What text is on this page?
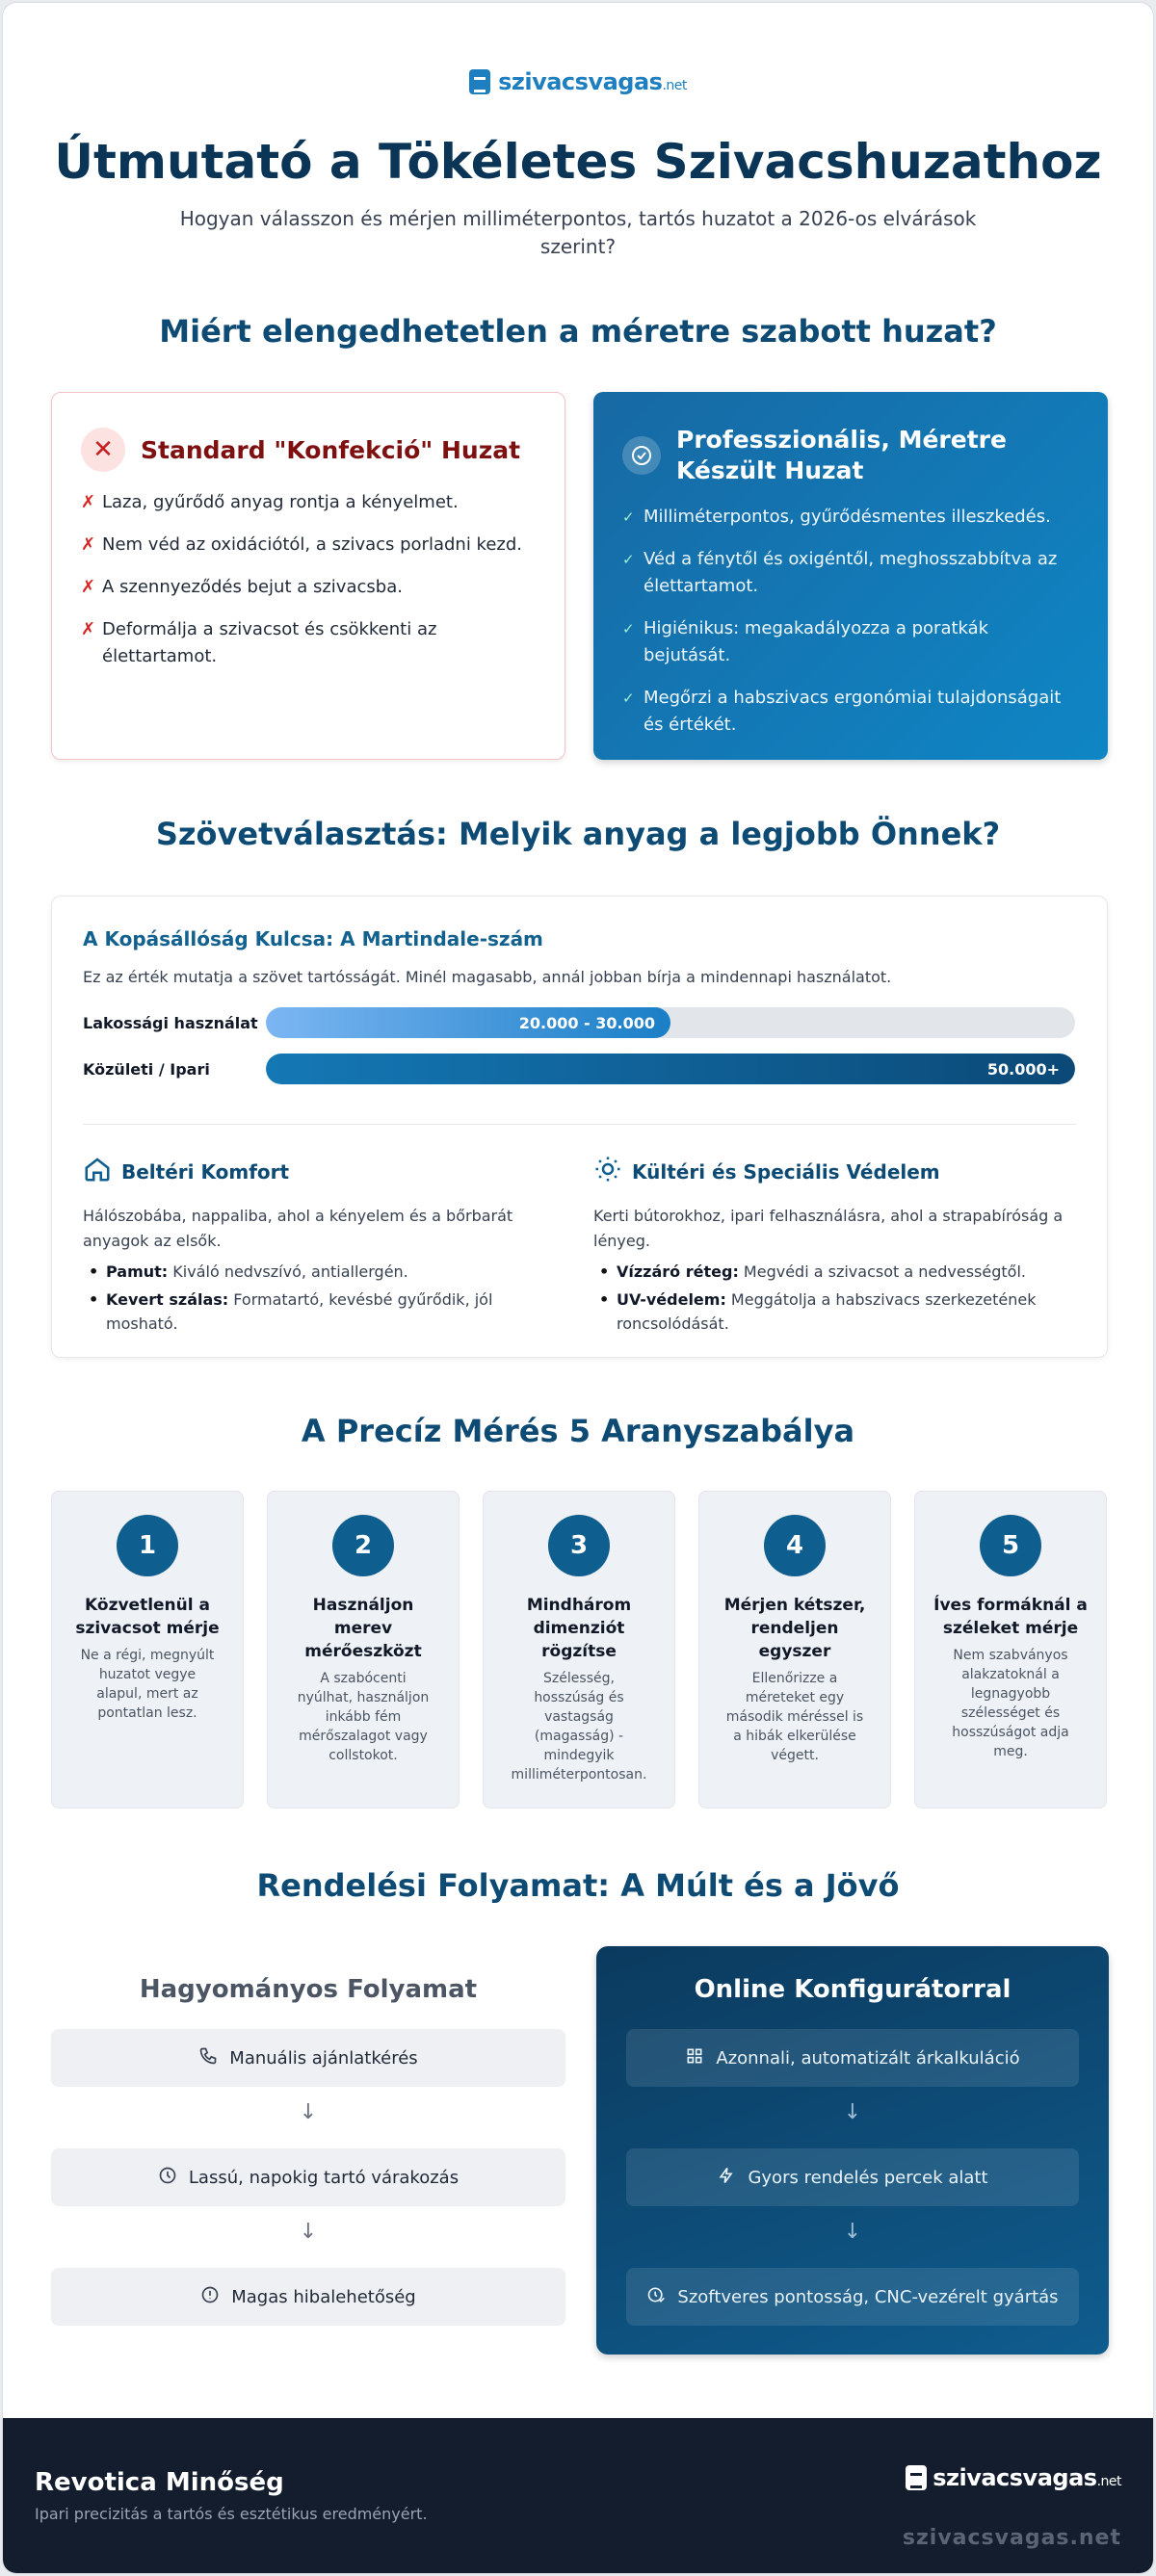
szivacsvagas.net
Útmutató a Tökéletes Szivacshuzathoz

Hogyan válasszon és mérjen milliméterpontos, tartós huzatot a 2026-os elvárások szerint?

Miért elengedhetetlen a méretre szabott huzat?
✕	Standard "Konfekció" Huzat
✗ Laza, gyűrődő anyag rontja a kényelmet.
✗ Nem véd az oxidációtól, a szivacs porladni kezd.
✗ A szennyeződés bejut a szivacsba.
✗ Deformálja a szivacsot és csökkenti az élettartamot.
Professzionális, Méretre Készült Huzat
✓ Milliméterpontos, gyűrődésmentes illeszkedés.
✓ Véd a fénytől és oxigéntől, meghosszabbítva az élettartamot.
✓ Higiénikus: megakadályozza a poratkák bejutását.
✓ Megőrzi a habszivacs ergonómiai tulajdonságait és értékét.
Szövetválasztás: Melyik anyag a legjobb Önnek?
A Kopásállóság Kulcsa: A Martindale-szám
Ez az érték mutatja a szövet tartósságát. Minél magasabb, annál jobban bírja a mindennapi használatot.
Lakossági használat	20.000 - 30.000
Közületi / Ipari	50.000+
Beltéri Komfort
Hálószobába, nappaliba, ahol a kényelem és a bőrbarát anyagok az elsők.
• Pamut: Kiváló nedvszívó, antiallergén.
• Kevert szálas: Formatartó, kevésbé gyűrődik, jól mosható.
Kültéri és Speciális Védelem
Kerti bútorokhoz, ipari felhasználásra, ahol a strapabíróság a lényeg.
• Vízzáró réteg: Megvédi a szivacsot a nedvességtől.
• UV-védelem: Meggátolja a habszivacs szerkezetének roncsolódását.
A Precíz Mérés 5 Aranyszabálya
1
Közvetlenül a szivacsot mérje
Ne a régi, megnyúlt huzatot vegye alapul, mert az pontatlan lesz.
2
Használjon merev mérőeszközt
A szabócenti nyúlhat, használjon inkább fém mérőszalagot vagy collstokot.
3
Mindhárom dimenziót rögzítse
Szélesség, hosszúság és vastagság (magasság) - mindegyik milliméterpontosan.
4
Mérjen kétszer, rendeljen egyszer
Ellenőrizze a méreteket egy második méréssel is a hibák elkerülése végett.
5
Íves formáknál a széleket mérje
Nem szabványos alakzatoknál a legnagyobb szélességet és hosszúságot adja meg.
Rendelési Folyamat: A Múlt és a Jövő
Hagyományos Folyamat
Manuális ajánlatkérés
↓
Lassú, napokig tartó várakozás
↓
Magas hibalehetőség
Online Konfigurátorral
Azonnali, automatizált árkalkuláció
↓
Gyors rendelés percek alatt
↓
Szoftveres pontosság, CNC-vezérelt gyártás
Revotica Minőség
Ipari precizitás a tartós és esztétikus eredményért.
szivacsvagas.net
szivacsvagas.net
